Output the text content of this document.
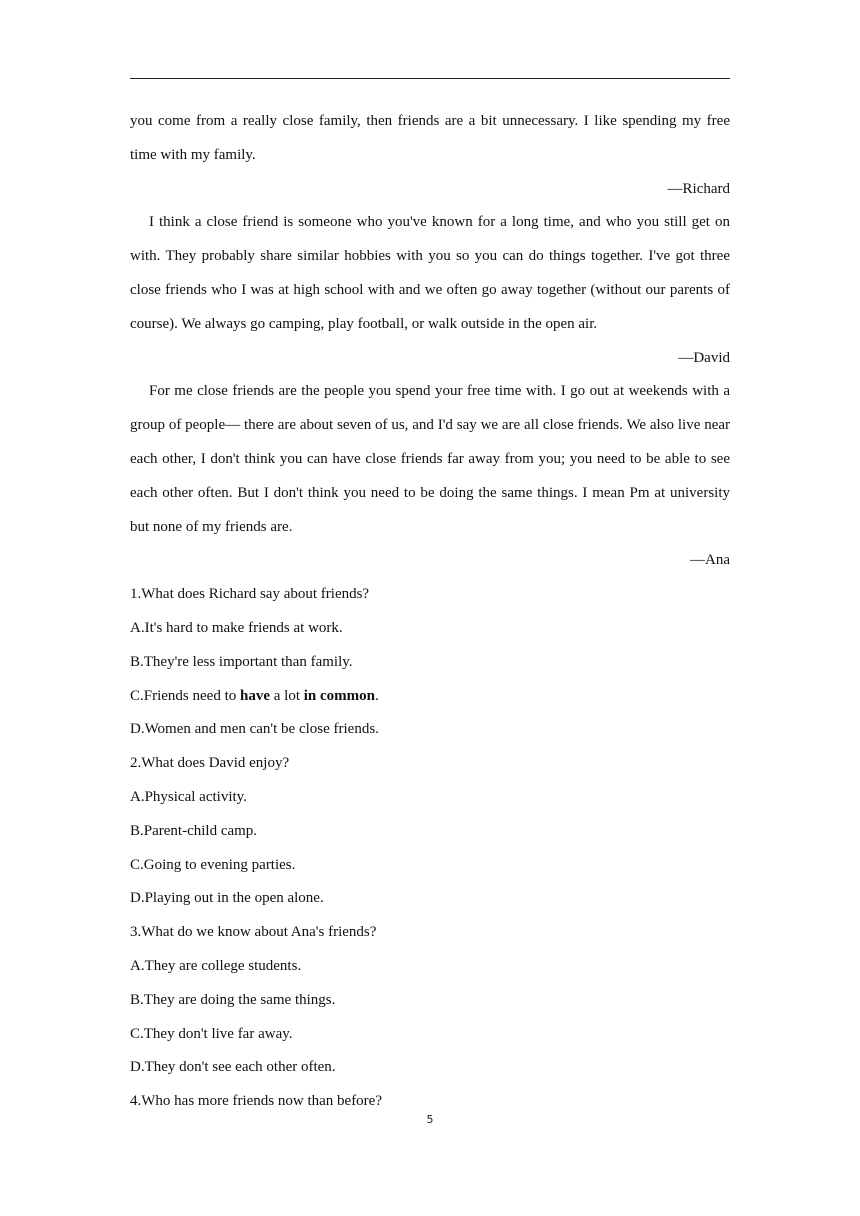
you come from a really close family, then friends are a bit unnecessary. I like spending my free time with my family.

—Richard

I think a close friend is someone who you've known for a long time, and who you still get on with. They probably share similar hobbies with you so you can do things together. I've got three close friends who I was at high school with and we often go away together (without our parents of course). We always go camping, play football, or walk outside in the open air.

—David

For me close friends are the people you spend your free time with. I go out at weekends with a group of people— there are about seven of us, and I'd say we are all close friends. We also live near each other, I don't think you can have close friends far away from you; you need to be able to see each other often. But I don't think you need to be doing the same things. I mean Pm at university but none of my friends are.

—Ana

1.What does Richard say about friends?

A.It's hard to make friends at work.

B.They're less important than family.

C.Friends need to have a lot in common.

D.Women and men can't be close friends.

2.What does David enjoy?

A.Physical activity.

B.Parent-child camp.

C.Going to evening parties.

D.Playing out in the open alone.

3.What do we know about Ana's friends?

A.They are college students.

B.They are doing the same things.

C.They don't live far away.

D.They don't see each other often.

4.Who has more friends now than before?

5
